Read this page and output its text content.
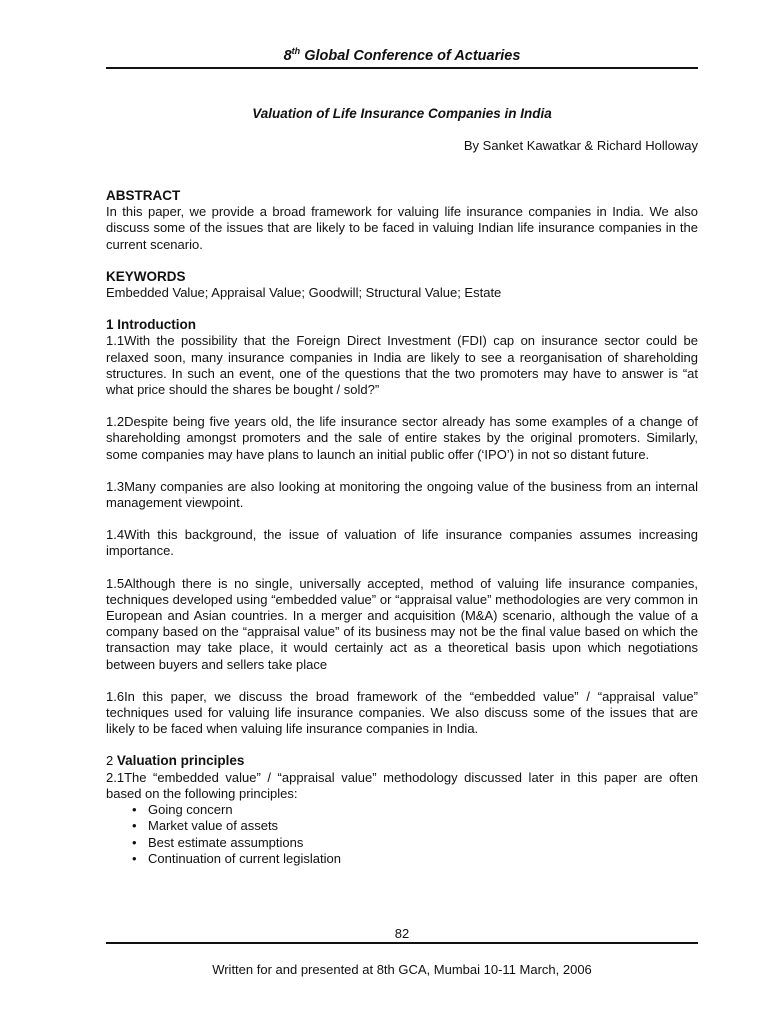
8th Global Conference of Actuaries
Valuation of Life Insurance Companies in India
By Sanket Kawatkar & Richard Holloway
ABSTRACT

In this paper, we provide a broad framework for valuing life insurance companies in India. We also discuss some of the issues that are likely to be faced in valuing Indian life insurance companies in the current scenario.

KEYWORDS

Embedded Value; Appraisal Value; Goodwill; Structural Value; Estate

1 Introduction

1.1With the possibility that the Foreign Direct Investment (FDI) cap on insurance sector could be relaxed soon, many insurance companies in India are likely to see a reorganisation of shareholding structures. In such an event, one of the questions that the two promoters may have to answer is “at what price should the shares be bought / sold?”

1.2Despite being five years old, the life insurance sector already has some examples of a change of shareholding amongst promoters and the sale of entire stakes by the original promoters. Similarly, some companies may have plans to launch an initial public offer (‘IPO’) in not so distant future.

1.3Many companies are also looking at monitoring the ongoing value of the business from an internal management viewpoint.

1.4With this background, the issue of valuation of life insurance companies assumes increasing importance.

1.5Although there is no single, universally accepted, method of valuing life insurance companies, techniques developed using “embedded value” or “appraisal value” methodologies are very common in European and Asian countries. In a merger and acquisition (M&A) scenario, although the value of a company based on the “appraisal value” of its business may not be the final value based on which the transaction may take place, it would certainly act as a theoretical basis upon which negotiations between buyers and sellers take place

1.6In this paper, we discuss the broad framework of the “embedded value” / “appraisal value” techniques used for valuing life insurance companies. We also discuss some of the issues that are likely to be faced when valuing life insurance companies in India.

2 Valuation principles

2.1The “embedded value” / “appraisal value” methodology discussed later in this paper are often based on the following principles:

• Going concern
• Market value of assets
• Best estimate assumptions
• Continuation of current legislation
82
Written for and presented at 8th GCA, Mumbai 10-11 March, 2006
